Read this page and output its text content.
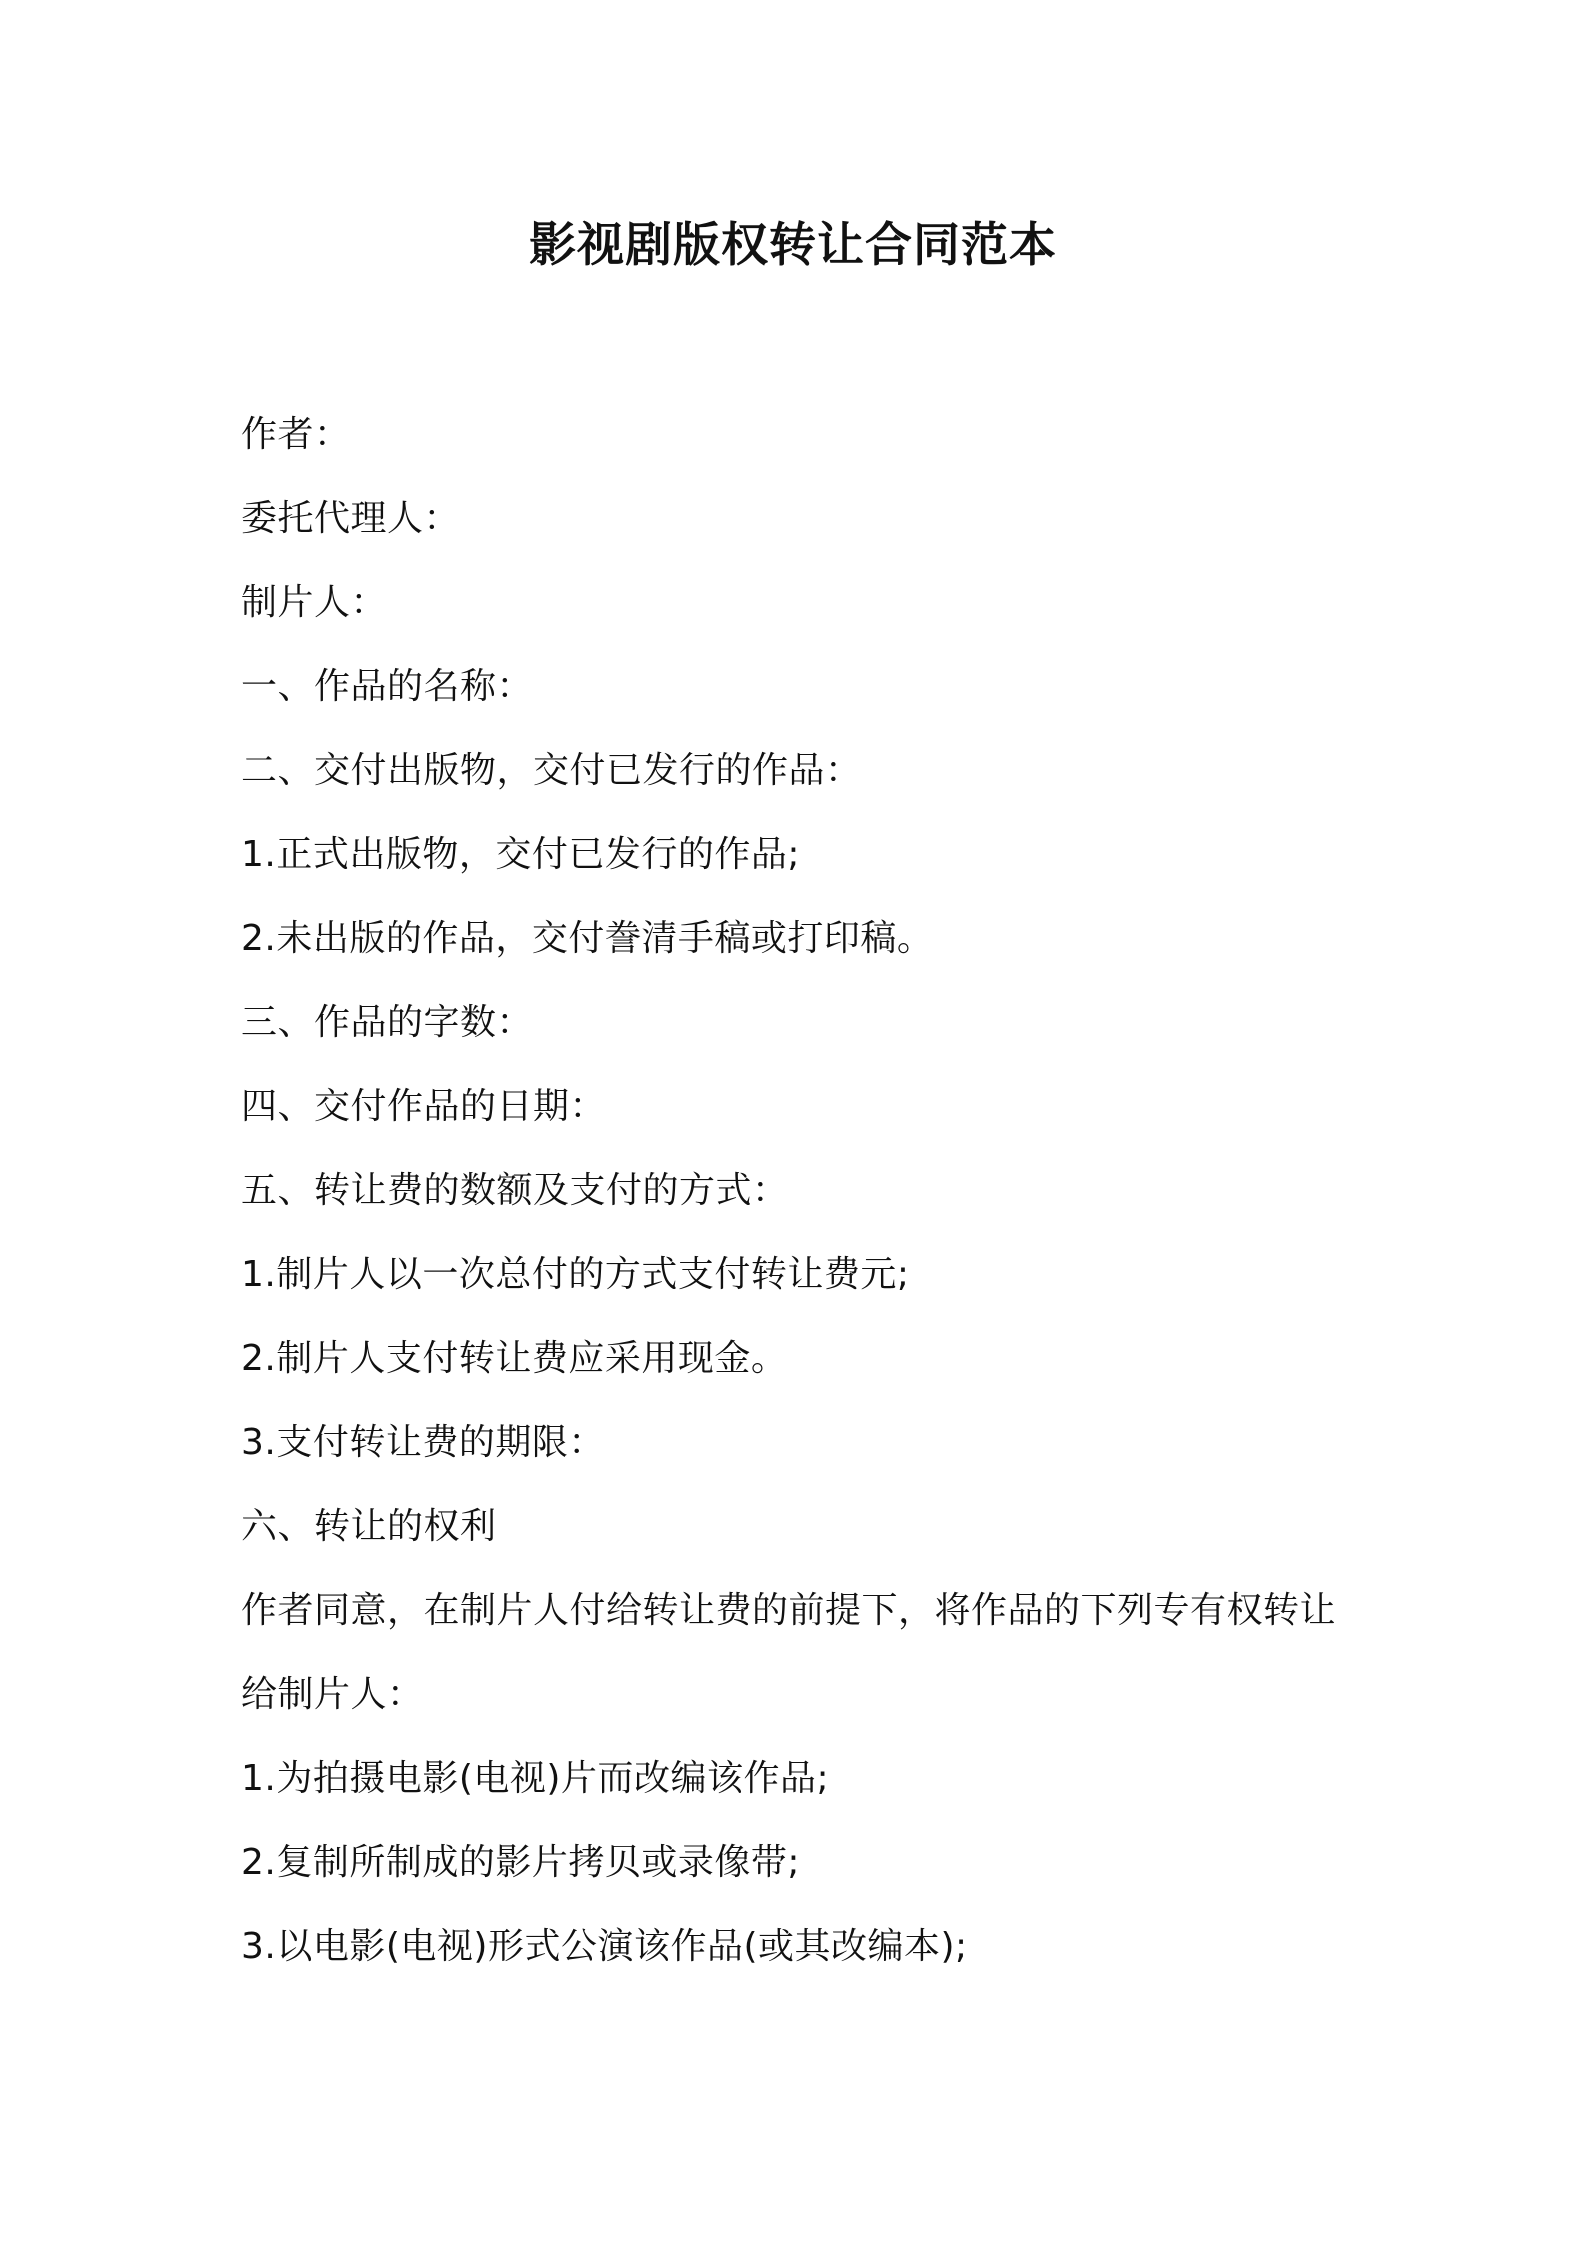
影视剧版权转让合同范本
作者：
委托代理人：
制片人：
一、作品的名称：
二、交付出版物，交付已发行的作品：
1.正式出版物，交付已发行的作品;
2.未出版的作品，交付誊清手稿或打印稿。
三、作品的字数：
四、交付作品的日期：
五、转让费的数额及支付的方式：
1.制片人以一次总付的方式支付转让费元;
2.制片人支付转让费应采用现金。
3.支付转让费的期限：
六、转让的权利
作者同意，在制片人付给转让费的前提下，将作品的下列专有权转让
给制片人：
1.为拍摄电影(电视)片而改编该作品;
2.复制所制成的影片拷贝或录像带;
3.以电影(电视)形式公演该作品(或其改编本);
